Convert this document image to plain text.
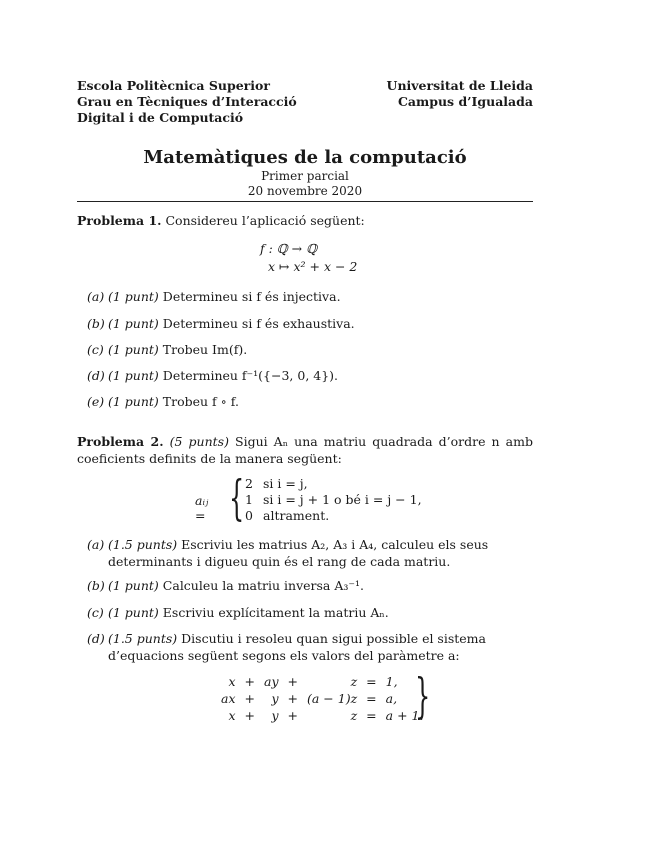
Escola Politècnica Superior
Grau en Tècniques d’Interacció
Digital i de Computació
Universitat de Lleida
Campus d’Igualada
Matemàtiques de la computació
Primer parcial
20 novembre 2020
Problema 1. Considereu l’aplicació següent:
f : ℚ → ℚ
x ↦ x² + x − 2
(a) (1 punt) Determineu si f és injectiva.
(b) (1 punt) Determineu si f és exhaustiva.
(c) (1 punt) Trobeu Im(f).
(d) (1 punt) Determineu f⁻¹({−3, 0, 4}).
(e) (1 punt) Trobeu f ∘ f.
Problema 2. (5 punts) Sigui Aₙ una matriu quadrada d’ordre n amb coeficients definits de la manera següent:
aᵢⱼ = { 2 si i = j,
1 si i = j + 1 o bé i = j − 1,
0 altrament.
(a) (1.5 punts) Escriviu les matrius A₂, A₃ i A₄, calculeu els seus determinants i digueu quin és el rang de cada matriu.
(b) (1 punt) Calculeu la matriu inversa A₃⁻¹.
(c) (1 punt) Escriviu explícitament la matriu Aₙ.
(d) (1.5 punts) Discutiu i resoleu quan sigui possible el sistema d’equacions següent segons els valors del paràmetre a:
x	+	ay	+	z	=	1,
ax	+	y	+	(a − 1)z	=	a,
x	+	y	+	z	=	a + 1.
}
